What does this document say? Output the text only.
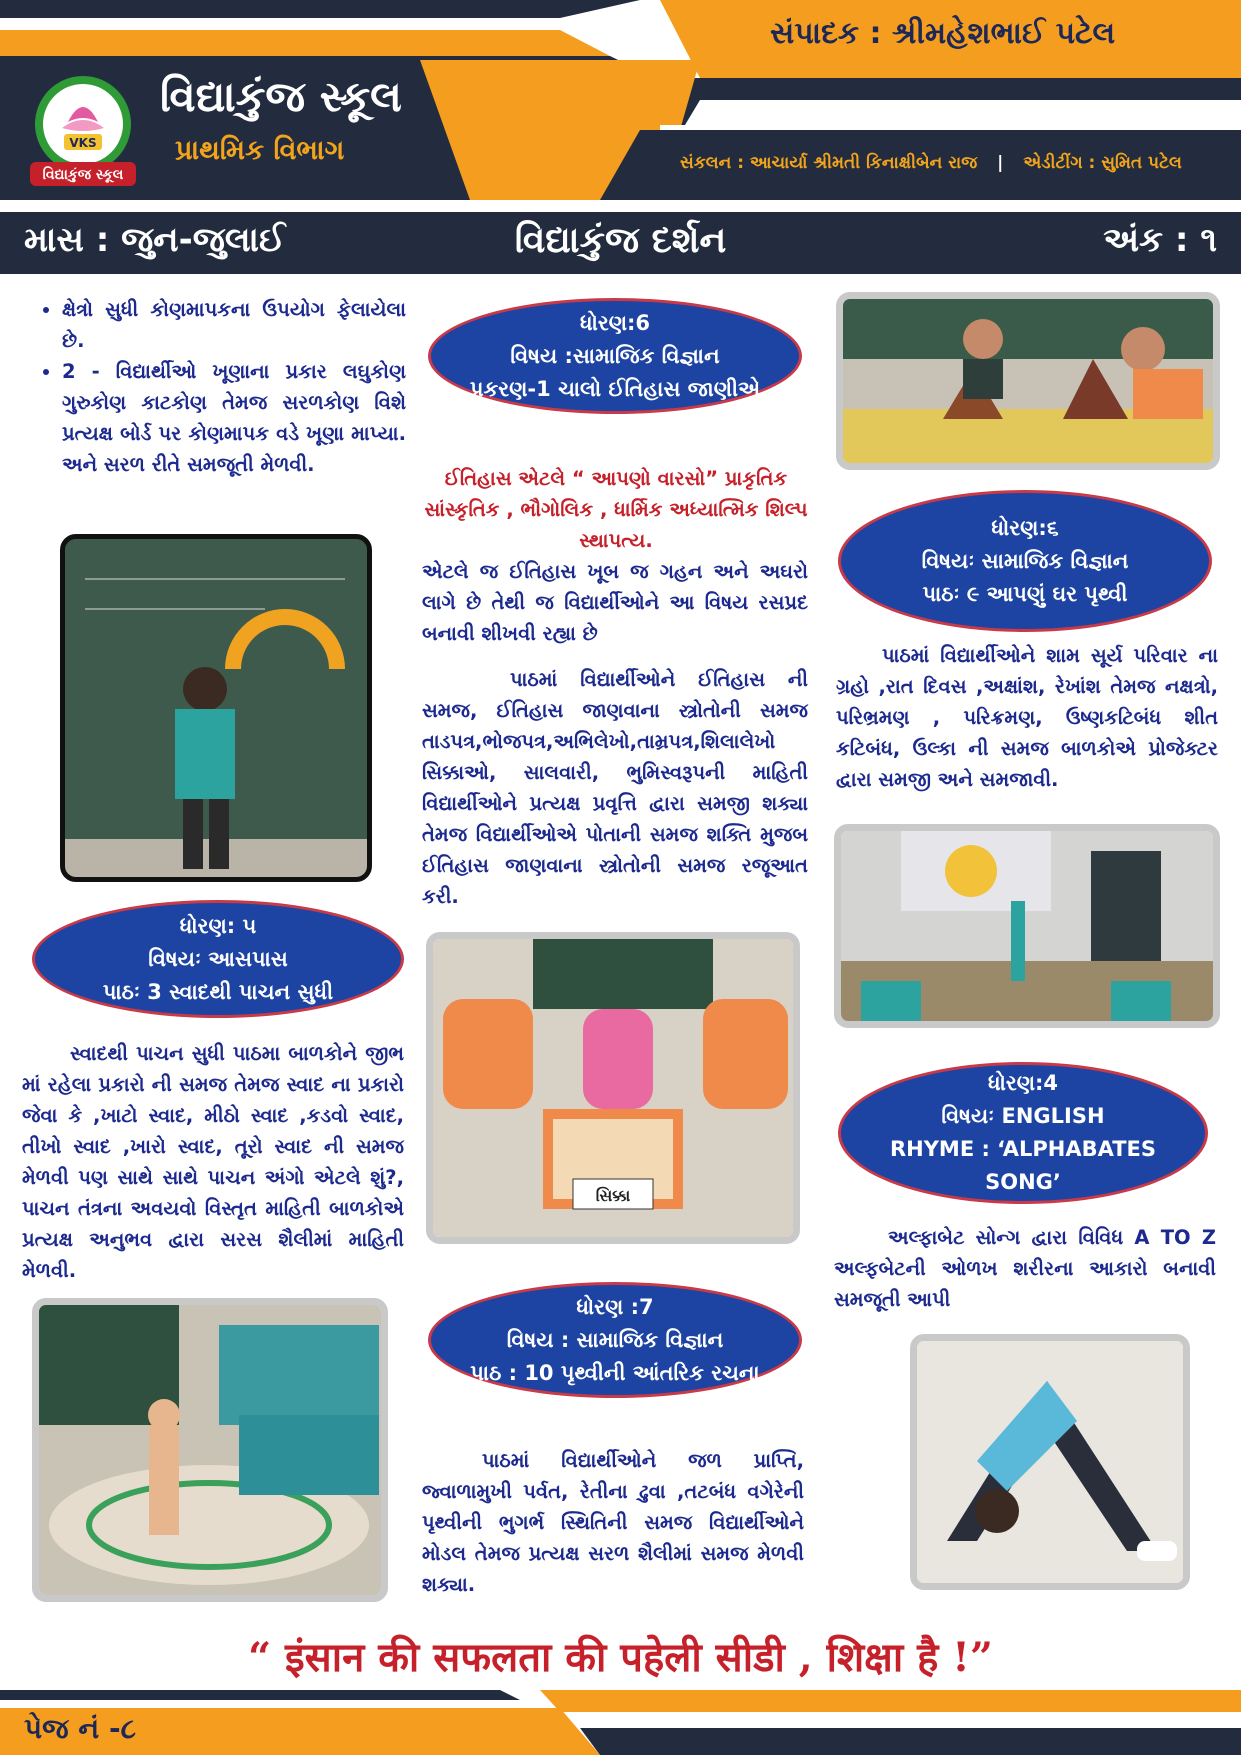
VKS
વિદ્યાકુંજ સ્કૂલ
વિદ્યાકુંજ સ્કૂલ
પ્રાથમિક વિભાગ
સંપાદક : શ્રીમહેશભાઈ પટેલ
સંકલન : આચાર્યા શ્રીમતી કિનાક્ષીબેન રાજ | એડીટીંગ : સુમિત પટેલ
માસ : જુન-જુલાઈ	વિદ્યાકુંજ દર્શન	અંક : ૧
• ક્ષેત્રો સુધી કોણમાપકના ઉપયોગ ફેલાયેલા છે.
• 2 - વિદ્યાર્થીઓ ખૂણાના પ્રકાર લઘુકોણ ગુરુકોણ કાટકોણ તેમજ સરળકોણ વિશે પ્રત્યક્ષ બોર્ડ પર કોણમાપક વડે ખૂણા માપ્યા. અને સરળ રીતે સમજૂતી મેળવી.
ધોરણ: ૫
વિષયઃ આસપાસ
પાઠઃ 3 સ્વાદથી પાચન સુધી
સ્વાદથી પાચન સુધી પાઠમા બાળકોને જીભ માં રહેલા પ્રકારો ની સમજ તેમજ સ્વાદ ના પ્રકારો જેવા કે ,ખાટો સ્વાદ, મીઠો સ્વાદ ,કડવો સ્વાદ, તીખો સ્વાદ ,ખારો સ્વાદ, તૂરો સ્વાદ ની સમજ મેળવી પણ સાથે સાથે પાચન અંગો એટલે શું?, પાચન તંત્રના અવયવો વિસ્તૃત માહિતી બાળકોએ પ્રત્યક્ષ અનુભવ દ્વારા સરસ શૈલીમાં માહિતી મેળવી.
ધોરણ:6
વિષય :સામાજિક વિજ્ઞાન
પ્રકરણ-1 ચાલો ઈતિહાસ જાણીએ
ઈતિહાસ એટલે “ આપણો વારસો” પ્રાકૃતિક સાંસ્કૃતિક , ભૌગોલિક , ધાર્મિક અધ્યાત્મિક શિલ્પ સ્થાપત્ય.
એટલે જ ઈતિહાસ ખૂબ જ ગહન અને અઘરો લાગે છે તેથી જ વિદ્યાર્થીઓને આ વિષય રસપ્રદ બનાવી શીખવી રહ્યા છે
પાઠમાં વિદ્યાર્થીઓને ઈતિહાસ ની સમજ, ઈતિહાસ જાણવાના સ્ત્રોતોની સમજ તાડપત્ર,ભોજપત્ર,અભિલેખો,તામ્રપત્ર,શિલાલેખો સિક્કાઓ, સાલવારી, ભુમિસ્વરૂપની માહિતી વિદ્યાર્થીઓને પ્રત્યક્ષ પ્રવૃત્તિ દ્વારા સમજી શક્યા તેમજ વિદ્યાર્થીઓએ પોતાની સમજ શક્તિ મુજબ ઈતિહાસ જાણવાના સ્ત્રોતોની સમજ રજૂઆત કરી.
સિક્કા
ધોરણ :7
વિષય : સામાજિક વિજ્ઞાન
પાઠ : 10 પૃથ્વીની આંતરિક રચના
પાઠમાં વિદ્યાર્થીઓને જળ પ્રાપ્તિ, જ્વાળામુખી પર્વત, રેતીના ઢુવા ,તટબંધ વગેરેની પૃથ્વીની ભુગર્ભ સ્થિતિની સમજ વિદ્યાર્થીઓને મોડલ તેમજ પ્રત્યક્ષ સરળ શૈલીમાં સમજ મેળવી શક્યા.
ધોરણ:૬
વિષયઃ સામાજિક વિજ્ઞાન
પાઠઃ ૯ આપણું ઘર પૃથ્વી
પાઠમાં વિદ્યાર્થીઓને શામ સૂર્ય પરિવાર ના ગ્રહો ,રાત દિવસ ,અક્ષાંશ, રેખાંશ તેમજ નક્ષત્રો, પરિભ્રમણ , પરિક્રમણ, ઉષ્ણકટિબંધ શીત કટિબંધ, ઉલ્કા ની સમજ બાળકોએ પ્રોજેક્ટર દ્વારા સમજી અને સમજાવી.
ધોરણ:4
વિષયઃ ENGLISH
RHYME : ‘ALPHABATES
SONG’
અલ્ફાબેટ સોન્ગ દ્વારા વિવિધ A TO Z અલ્ફબેટની ઓળખ શરીરના આકારો બનાવી સમજૂતી આપી
“ इंसान की सफलता की पहेली सीडी , शिक्षा है !”
પેજ નં -૮
